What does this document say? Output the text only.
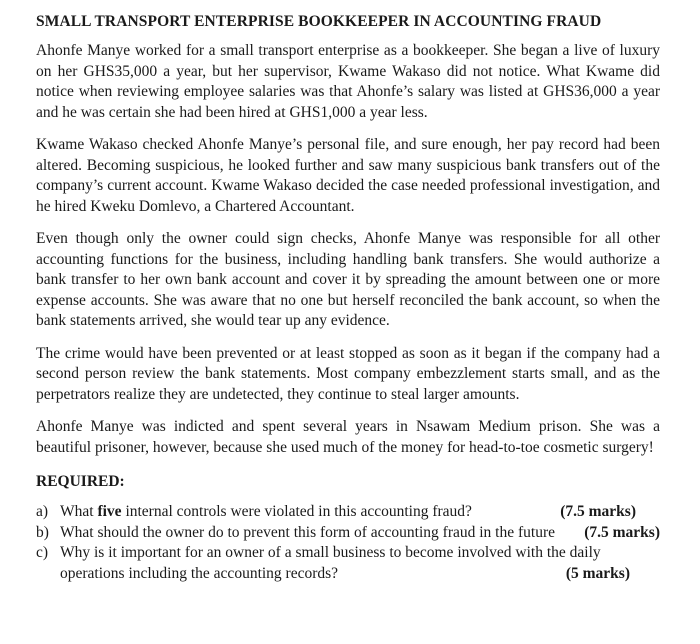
SMALL TRANSPORT ENTERPRISE BOOKKEEPER IN ACCOUNTING FRAUD

Ahonfe Manye worked for a small transport enterprise as a bookkeeper. She began a live of luxury on her GHS35,000 a year, but her supervisor, Kwame Wakaso did not notice. What Kwame did notice when reviewing employee salaries was that Ahonfe’s salary was listed at GHS36,000 a year and he was certain she had been hired at GHS1,000 a year less.

Kwame Wakaso checked Ahonfe Manye’s personal file, and sure enough, her pay record had been altered. Becoming suspicious, he looked further and saw many suspicious bank transfers out of the company’s current account. Kwame Wakaso decided the case needed professional investigation, and he hired Kweku Domlevo, a Chartered Accountant.

Even though only the owner could sign checks, Ahonfe Manye was responsible for all other accounting functions for the business, including handling bank transfers. She would authorize a bank transfer to her own bank account and cover it by spreading the amount between one or more expense accounts. She was aware that no one but herself reconciled the bank account, so when the bank statements arrived, she would tear up any evidence.

The crime would have been prevented or at least stopped as soon as it began if the company had a second person review the bank statements. Most company embezzlement starts small, and as the perpetrators realize they are undetected, they continue to steal larger amounts.

Ahonfe Manye was indicted and spent several years in Nsawam Medium prison. She was a beautiful prisoner, however, because she used much of the money for head-to-toe cosmetic surgery!

REQUIRED:
a) What five internal controls were violated in this accounting fraud?	(7.5 marks)
b) What should the owner do to prevent this form of accounting fraud in the future (7.5 marks)
c) Why is it important for an owner of a small business to become involved with the daily
operations including the accounting records?	(5 marks)
